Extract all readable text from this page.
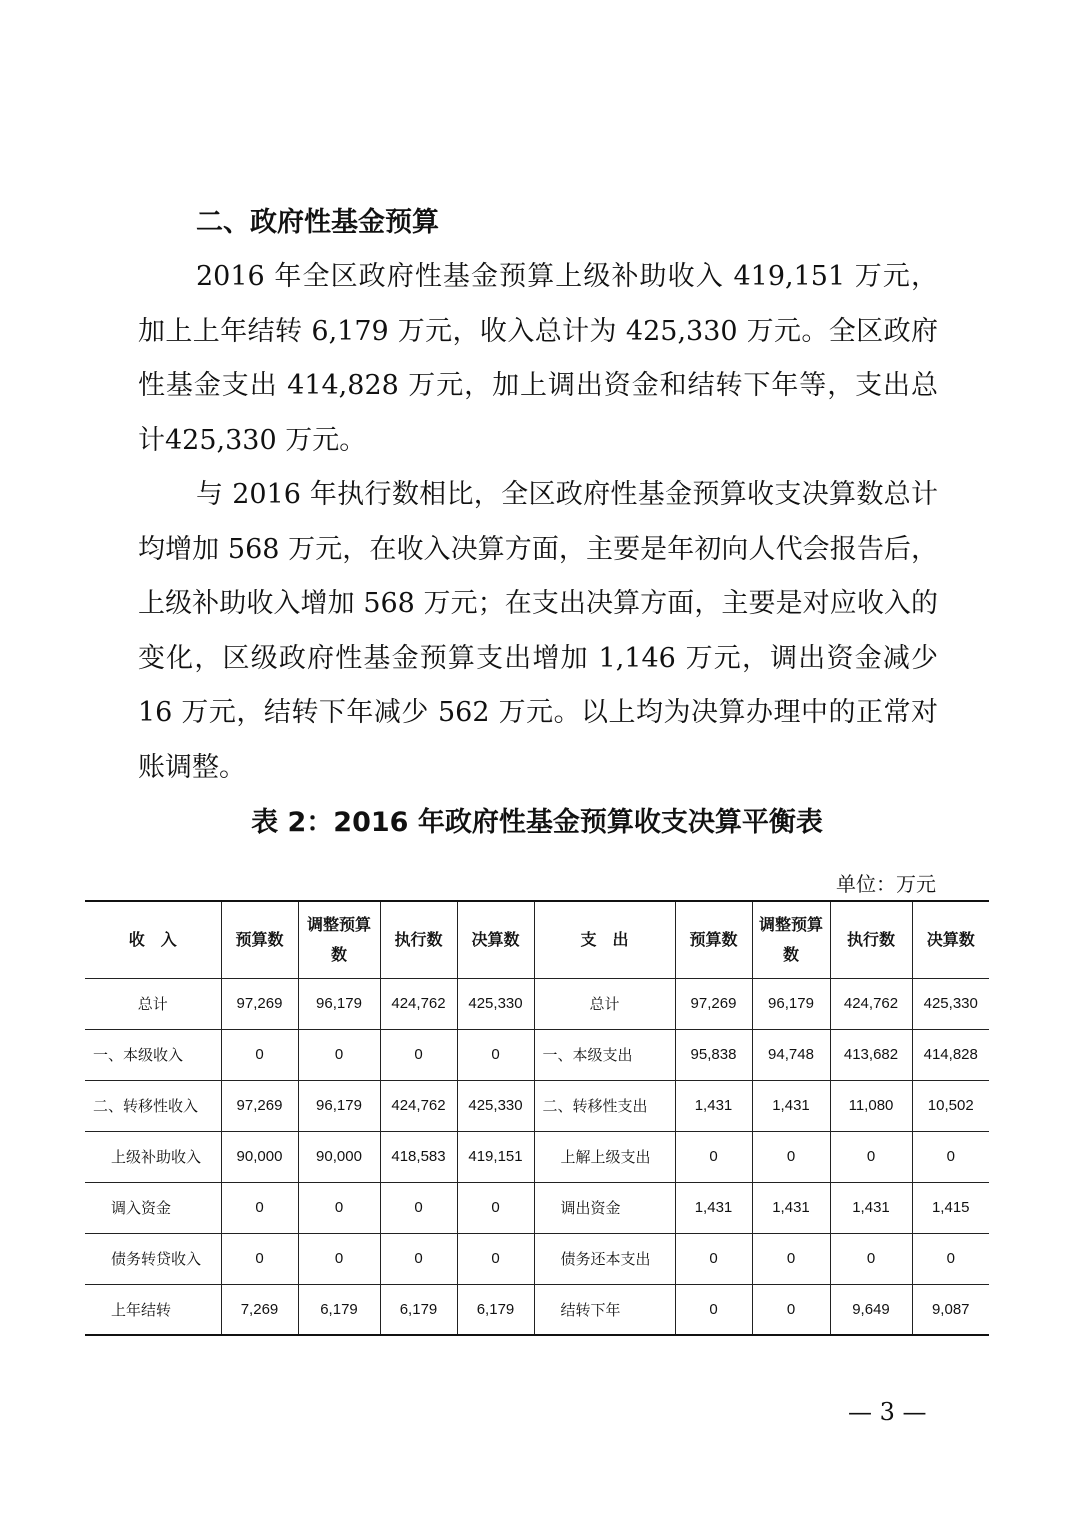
二、政府性基金预算

2016 年全区政府性基金预算上级补助收入 419,151 万元，加上上年结转 6,179 万元，收入总计为 425,330 万元。全区政府性基金支出 414,828 万元，加上调出资金和结转下年等，支出总计425,330 万元。

与 2016 年执行数相比，全区政府性基金预算收支决算数总计均增加 568 万元，在收入决算方面，主要是年初向人代会报告后，上级补助收入增加 568 万元；在支出决算方面，主要是对应收入的变化，区级政府性基金预算支出增加 1,146 万元，调出资金减少 16 万元，结转下年减少 562 万元。以上均为决算办理中的正常对账调整。

表 2：2016 年政府性基金预算收支决算平衡表
单位：万元
收　入	预算数	调整预算数	执行数	决算数	支　出	预算数	调整预算数	执行数	决算数
总计	97,269	96,179	424,762	425,330	总计	97,269	96,179	424,762	425,330
一、本级收入	0	0	0	0	一、本级支出	95,838	94,748	413,682	414,828
二、转移性收入	97,269	96,179	424,762	425,330	二、转移性支出	1,431	1,431	11,080	10,502
上级补助收入	90,000	90,000	418,583	419,151	上解上级支出	0	0	0	0
调入资金	0	0	0	0	调出资金	1,431	1,431	1,431	1,415
债务转贷收入	0	0	0	0	债务还本支出	0	0	0	0
上年结转	7,269	6,179	6,179	6,179	结转下年	0	0	9,649	9,087
— 3 —
